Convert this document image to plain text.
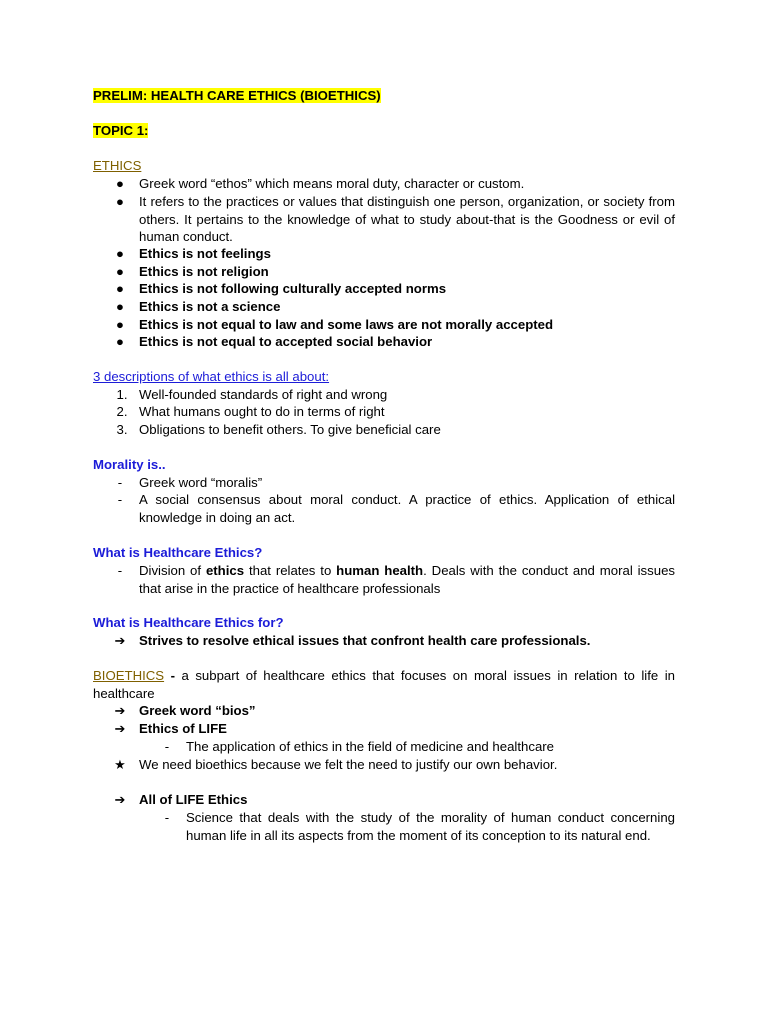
PRELIM: HEALTH CARE ETHICS (BIOETHICS)
TOPIC 1:
ETHICS
●	Greek word “ethos” which means moral duty, character or custom.
●	It refers to the practices or values that distinguish one person, organization, or society from others. It pertains to the knowledge of what to study about-that is the Goodness or evil of human conduct.
●	Ethics is not feelings
●	Ethics is not religion
●	Ethics is not following culturally accepted norms
●	Ethics is not a science
●	Ethics is not equal to law and some laws are not morally accepted
●	Ethics is not equal to accepted social behavior
3 descriptions of what ethics is all about:
1. Well-founded standards of right and wrong
2. What humans ought to do in terms of right
3. Obligations to benefit others. To give beneficial care
Morality is..
-	Greek word “moralis”
-	A social consensus about moral conduct. A practice of ethics. Application of ethical knowledge in doing an act.
What is Healthcare Ethics?
-	Division of ethics that relates to human health. Deals with the conduct and moral issues that arise in the practice of healthcare professionals
What is Healthcare Ethics for?
➔	Strives to resolve ethical issues that confront health care professionals.
BIOETHICS - a subpart of healthcare ethics that focuses on moral issues in relation to life in healthcare
➔	Greek word “bios”
➔	Ethics of LIFE
-	The application of ethics in the field of medicine and healthcare
★ We need bioethics because we felt the need to justify our own behavior.
➔	All of LIFE Ethics
-	Science that deals with the study of the morality of human conduct concerning human life in all its aspects from the moment of its conception to its natural end.
